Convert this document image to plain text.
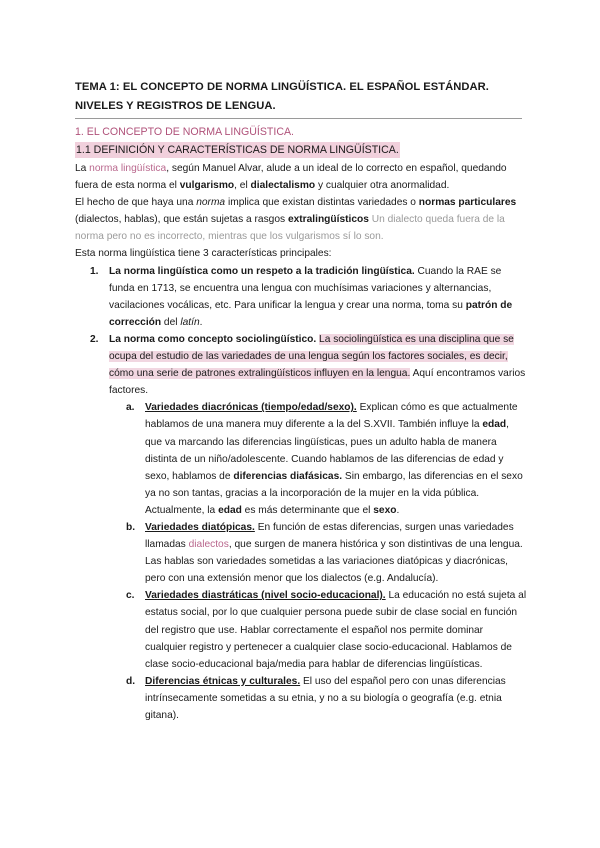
TEMA 1: EL CONCEPTO DE NORMA LINGÜÍSTICA. EL ESPAÑOL ESTÁNDAR. NIVELES Y REGISTROS DE LENGUA.
1. EL CONCEPTO DE NORMA LINGÜÍSTICA.
1.1 DEFINICIÓN Y CARACTERÍSTICAS DE NORMA LINGÜÍSTICA.

La norma lingüística, según Manuel Alvar, alude a un ideal de lo correcto en español, quedando fuera de esta norma el vulgarismo, el dialectalismo y cualquier otra anormalidad.

El hecho de que haya una norma implica que existan distintas variedades o normas particulares (dialectos, hablas), que están sujetas a rasgos extralingüísticos Un dialecto queda fuera de la norma pero no es incorrecto, mientras que los vulgarismos sí lo son.

Esta norma lingüística tiene 3 características principales:

1. La norma lingüística como un respeto a la tradición lingüística. Cuando la RAE se funda en 1713, se encuentra una lengua con muchísimas variaciones y alternancias, vacilaciones vocálicas, etc. Para unificar la lengua y crear una norma, toma su patrón de corrección del latín.
2. La norma como concepto sociolingüístico. La sociolingüística es una disciplina que se ocupa del estudio de las variedades de una lengua según los factores sociales, es decir, cómo una serie de patrones extralingüísticos influyen en la lengua. Aquí encontramos varios factores.
a. Variedades diacrónicas (tiempo/edad/sexo). Explican cómo es que actualmente hablamos de una manera muy diferente a la del S.XVII. También influye la edad, que va marcando las diferencias lingüísticas, pues un adulto habla de manera distinta de un niño/adolescente. Cuando hablamos de las diferencias de edad y sexo, hablamos de diferencias diafásicas. Sin embargo, las diferencias en el sexo ya no son tantas, gracias a la incorporación de la mujer en la vida pública. Actualmente, la edad es más determinante que el sexo.
b. Variedades diatópicas. En función de estas diferencias, surgen unas variedades llamadas dialectos, que surgen de manera histórica y son distintivas de una lengua. Las hablas son variedades sometidas a las variaciones diatópicas y diacrónicas, pero con una extensión menor que los dialectos (e.g. Andalucía).
c. Variedades diastráticas (nivel socio-educacional). La educación no está sujeta al estatus social, por lo que cualquier persona puede subir de clase social en función del registro que use. Hablar correctamente el español nos permite dominar cualquier registro y pertenecer a cualquier clase socio-educacional. Hablamos de clase socio-educacional baja/media para hablar de diferencias lingüísticas.
d. Diferencias étnicas y culturales. El uso del español pero con unas diferencias intrínsecamente sometidas a su etnia, y no a su biología o geografía (e.g. etnia gitana).
